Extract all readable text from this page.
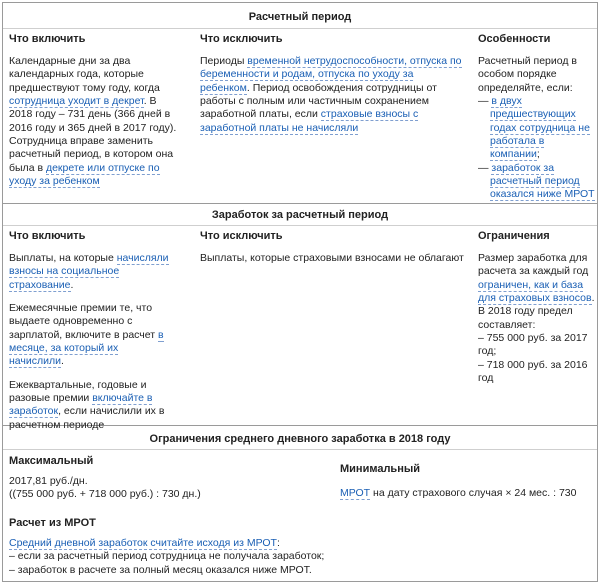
Расчетный период
Что включить
Календарные дни за два календарных года, которые предшествуют тому году, когда сотрудница уходит в декрет. В 2018 году – 731 день (366 дней в 2016 году и 365 дней в 2017 году). Сотрудница вправе заменить расчетный период, в котором она была в декрете или отпуске по уходу за ребенком
Что исключить
Периоды временной нетрудоспособности, отпуска по беременности и родам, отпуска по уходу за ребенком. Период освобождения сотрудницы от работы с полным или частичным сохранением заработной платы, если страховые взносы с заработной платы не начисляли
Особенности
Расчетный период в особом порядке определяйте, если:
— в двух предшествующих годах сотрудница не работала в компании;
— заработок за расчетный период оказался ниже МРОТ
Заработок за расчетный период
Что включить
Выплаты, на которые начисляли взносы на социальное страхование.
Ежемесячные премии те, что выдаете одновременно с зарплатой, включите в расчет в месяце, за который их начислили.
Ежеквартальные, годовые и разовые премии включайте в заработок, если начислили их в расчетном периоде
Что исключить
Выплаты, которые страховыми взносами не облагают
Ограничения
Размер заработка для расчета за каждый год ограничен, как и база для страховых взносов. В 2018 году предел составляет:
– 755 000 руб. за 2017 год;
– 718 000 руб. за 2016 год
Ограничения среднего дневного заработка в 2018 году
Максимальный
2017,81 руб./дн.
((755 000 руб. + 718 000 руб.) : 730 дн.)
Минимальный
МРОТ на дату страхового случая × 24 мес. : 730
Расчет из МРОТ
Средний дневной заработок считайте исходя из МРОТ:
– если за расчетный период сотрудница не получала заработок;
– заработок в расчете за полный месяц оказался ниже МРОТ.
